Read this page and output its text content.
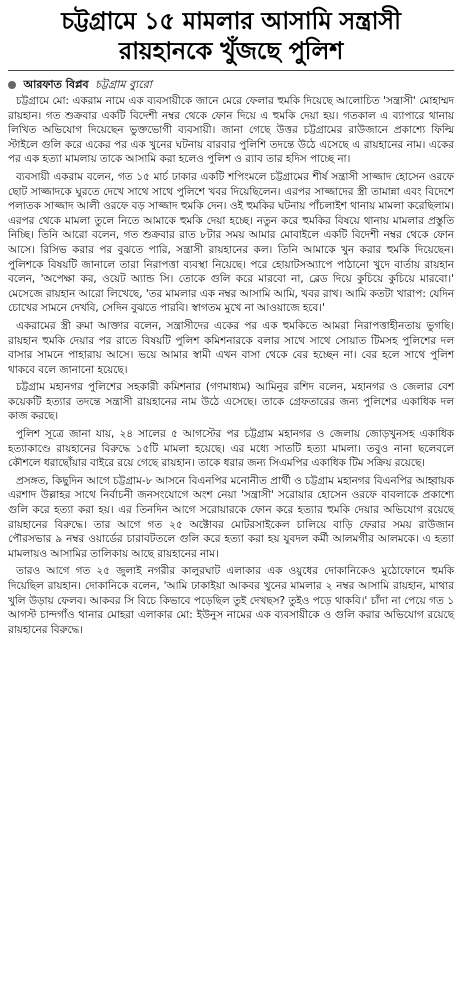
চট্টগ্রামে ১৫ মামলার আসামি সন্ত্রাসী
রায়হানকে খুঁজছে পুলিশ
আরফাত বিপ্লব চট্টগ্রাম ব্যুরো

চট্টগ্রামে মো: একরাম নামে এক ব্যবসায়ীকে জানে মেরে ফেলার হুমকি দিয়েছে আলোচিত 'সন্ত্রাসী' মোহাম্মদ রায়হান। গত শুক্রবার একটি বিদেশী নম্বর থেকে ফোন দিয়ে এ হুমকি দেয়া হয়। গতকাল এ ব্যাপারে থানায় লিখিত অভিযোগ দিয়েছেন ভুক্তভোগী ব্যবসায়ী। জানা গেছে উত্তর চট্টগ্রামের রাউজানে প্রকাশ্যে ফিল্মি স্টাইলে গুলি করে একের পর এক খুনের ঘটনায় বারবার পুলিশি তদন্তে উঠে এসেছে এ রায়হানের নাম। একের পর এক হত্যা মামলায় তাকে আসামি করা হলেও পুলিশ ও র‍্যাব তার হদিস পাচ্ছে না।

ব্যবসায়ী একরাম বলেন, গত ১৫ মার্চ ঢাকার একটি শপিংমলে চট্টগ্রামের শীর্ষ সন্ত্রাসী সাজ্জাদ হোসেন ওরফে ছোট সাজ্জাদকে ঘুরতে দেখে সাথে সাথে পুলিশে খবর দিয়েছিলেন। এরপর সাজ্জাদের স্ত্রী তামান্না এবং বিদেশে পলাতক সাজ্জাদ আলী ওরফে বড় সাজ্জাদ হুমকি দেন। ওই হুমকির ঘটনায় পাঁচলাইশ থানায় মামলা করেছিলাম। এরপর থেকে মামলা তুলে নিতে আমাকে হুমকি দেয়া হচ্ছে। নতুন করে হুমকির বিষয়ে থানায় মামলার প্রস্তুতি নিচ্ছি। তিনি আরো বলেন, গত শুক্রবার রাত ৮টার সময় আমার মোবাইলে একটি বিদেশী নম্বর থেকে ফোন আসে। রিসিভ করার পর বুঝতে পারি, সন্ত্রাসী রায়হানের কল। তিনি আমাকে খুন করার হুমকি দিয়েছেন। পুলিশকে বিষয়টি জানালে তারা নিরাপত্তা ব্যবস্থা নিয়েছে। পরে হোয়াটসঅ্যাপে পাঠানো খুদে বার্তায় রায়হান বলেন, 'অপেক্ষা কর, ওয়েট অ্যান্ড সি। তোকে গুলি করে মারবো না, ব্লেড দিয়ে কুচিয়ে কুচিয়ে মারবো।' মেসেজে রায়হান আরো লিখেছে, 'তর মামলার এক নম্বর আসামি আমি, খবর রাখ। আমি কতটা খারাপ: যেদিন চোখের সামনে দেখবি, সেদিন বুঝতে পারবি। স্বাগতম মুখে না আওয়াজে হবে।'

একরামের স্ত্রী রুমা আক্তার বলেন, সন্ত্রাসীদের একের পর এক হুমকিতে আমরা নিরাপত্তাহীনতায় ভুগছি। রায়হান হুমকি দেয়ার পর রাতে বিষয়টি পুলিশ কমিশনারকে বলার সাথে সাথে সোয়াত টিমসহ পুলিশের দল বাসার সামনে পাহারায় আসে। ভয়ে আমার স্বামী এখন বাসা থেকে বের হচ্ছেন না। বের হলে সাথে পুলিশ থাকবে বলে জানানো হয়েছে।

চট্টগ্রাম মহানগর পুলিশের সহকারী কমিশনার (গণমাধ্যম) আমিনুর রশিদ বলেন, মহানগর ও জেলার বেশ কয়েকটি হত্যার তদন্তে সন্ত্রাসী রায়হানের নাম উঠে এসেছে। তাকে গ্রেফতারের জন্য পুলিশের একাধিক দল কাজ করছে।

পুলিশ সূত্রে জানা যায়, ২৪ সালের ৫ আগস্টের পর চট্টগ্রাম মহানগর ও জেলায় জোড়খুনসহ একাধিক হত্যাকাণ্ডে রায়হানের বিরুদ্ধে ১৫টি মামলা হয়েছে। এর মধ্যে সাতটি হত্যা মামলা। তবুও নানা ছলেবলে কৌশলে ধরাছোঁয়ার বাইরে রয়ে গেছে রায়হান। তাকে ধরার জন্য সিএমপির একাধিক টিম সক্রিয় রয়েছে।

প্রসঙ্গত, কিছুদিন আগে চট্টগ্রাম-৮ আসনে বিএনপির মনোনীত প্রার্থী ও চট্টগ্রাম মহানগর বিএনপির আহ্বায়ক এরশাদ উল্লাহর সাথে নির্বাচনী জনসংযোগে অংশ নেয়া 'সন্ত্রাসী' সরোয়ার হোসেন ওরফে বাবলাকে প্রকাশ্যে গুলি করে হত্যা করা হয়। এর তিনদিন আগে সরোয়ারকে ফোন করে হত্যার হুমকি দেয়ার অভিযোগ রয়েছে রায়হানের বিরুদ্ধে। তার আগে গত ২৫ অক্টোবর মোটরসাইকেল চালিয়ে বাড়ি ফেরার সময় রাউজান পৌরসভার ৯ নম্বর ওয়ার্ডের চারাবটতলে গুলি করে হত্যা করা হয় যুবদল কর্মী আলমগীর আলমকে। এ হত্যা মামলায়ও আসামির তালিকায় আছে রায়হানের নাম।

তারও আগে গত ২৫ জুলাই নগরীর কালুরঘাট এলাকার এক ওয়ুধের দোকানিকেও মুঠোফোনে হুমকি দিয়েছিল রায়হান। দোকানিকে বলেন, 'আমি ঢাকাইয়া আকবর খুনের মামলার ২ নম্বর আসামি রায়হান, মাথার খুলি উড়ায় ফেলব। আকবর সি বিচে কিভাবে পড়েছিল তুই দেখছস? তুইও পড়ে থাকবি।' চাঁদা না পেয়ে গত ১ আগস্ট চান্দগাঁও থানার মোহরা এলাকার মো: ইউনুস নামের এক ব্যবসায়ীকে ও গুলি করার অভিযোগ রয়েছে রায়হানের বিরুদ্ধে।
